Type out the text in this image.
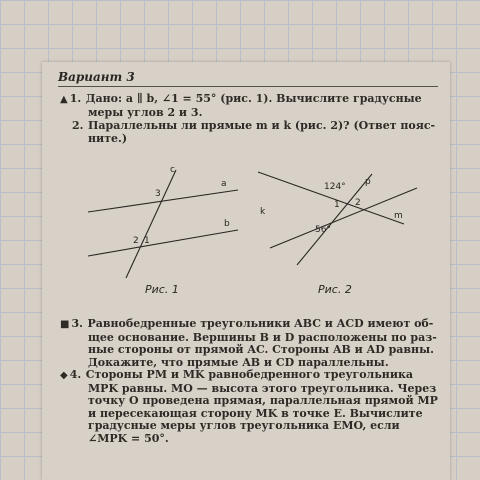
Вариант 3
▲ 1. Дано: a ∥ b, ∠1 = 55° (рис. 1). Вычислите градусные
меры углов 2 и 3.
2. Параллельны ли прямые m и k (рис. 2)? (Ответ пояс-
ните.)
c
a
b
3
2 1
Рис. 1
124° p
k	m
1 2
56°
Рис. 2
■ 3. Равнобедренные треугольники ABC и ACD имеют об-
щее основание. Вершины B и D расположены по раз-
ные стороны от прямой AC. Стороны AB и AD равны.
Докажите, что прямые AB и CD параллельны.
◆ 4. Стороны PM и MK равнобедренного треугольника
MPK равны. MO — высота этого треугольника. Через
точку O проведена прямая, параллельная прямой MP
и пересекающая сторону MK в точке E. Вычислите
градусные меры углов треугольника EMO, если
∠MPK = 50°.
